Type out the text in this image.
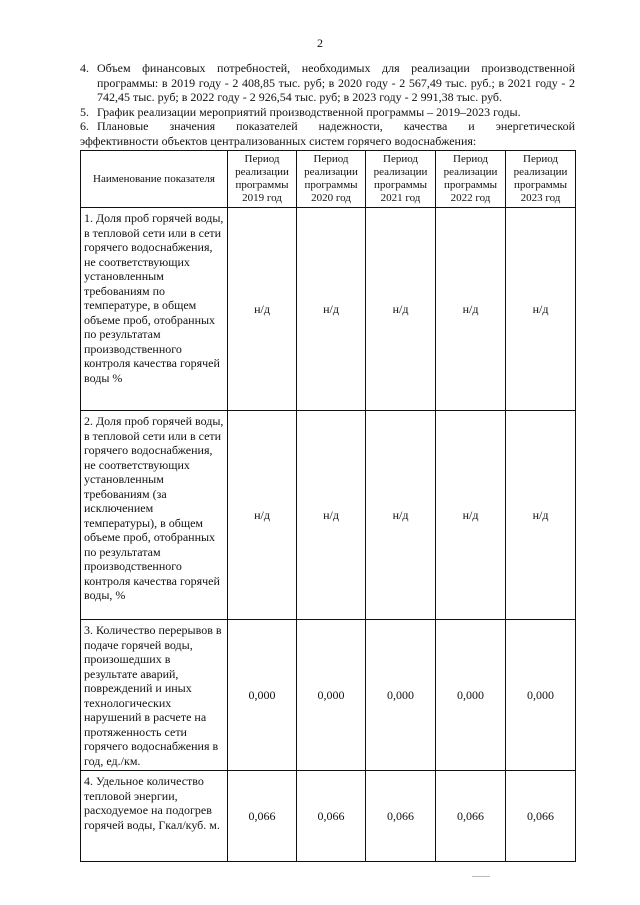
2
4. Объем финансовых потребностей, необходимых для реализации производственной программы: в 2019 году - 2 408,85 тыс. руб; в 2020 году - 2 567,49 тыс. руб.; в 2021 году - 2 742,45 тыс. руб; в 2022 году - 2 926,54 тыс. руб; в 2023 году - 2 991,38 тыс. руб.
5. График реализации мероприятий производственной программы – 2019–2023 годы.
6. Плановые значения показателей надежности, качества и энергетической
эффективности объектов централизованных систем горячего водоснабжения:
Наименование показателя	Период реализации программы 2019 год	Период реализации программы 2020 год	Период реализации программы 2021 год	Период реализации программы 2022 год	Период реализации программы 2023 год
1. Доля проб горячей воды, в тепловой сети или в сети горячего водоснабжения, не соответствующих установленным требованиям по температуре, в общем объеме проб, отобранных по результатам производственного контроля качества горячей воды %	н/д	н/д	н/д	н/д	н/д
2. Доля проб горячей воды, в тепловой сети или в сети горячего водоснабжения, не соответствующих установленным требованиям (за исключением температуры), в общем объеме проб, отобранных по результатам производственного контроля качества горячей воды, %	н/д	н/д	н/д	н/д	н/д
3. Количество перерывов в подаче горячей воды, произошедших в результате аварий, повреждений и иных технологических нарушений в расчете на протяженность сети горячего водоснабжения в год, ед./км.	0,000	0,000	0,000	0,000	0,000
4. Удельное количество тепловой энергии, расходуемое на подогрев горячей воды, Гкал/куб. м.	0,066	0,066	0,066	0,066	0,066
